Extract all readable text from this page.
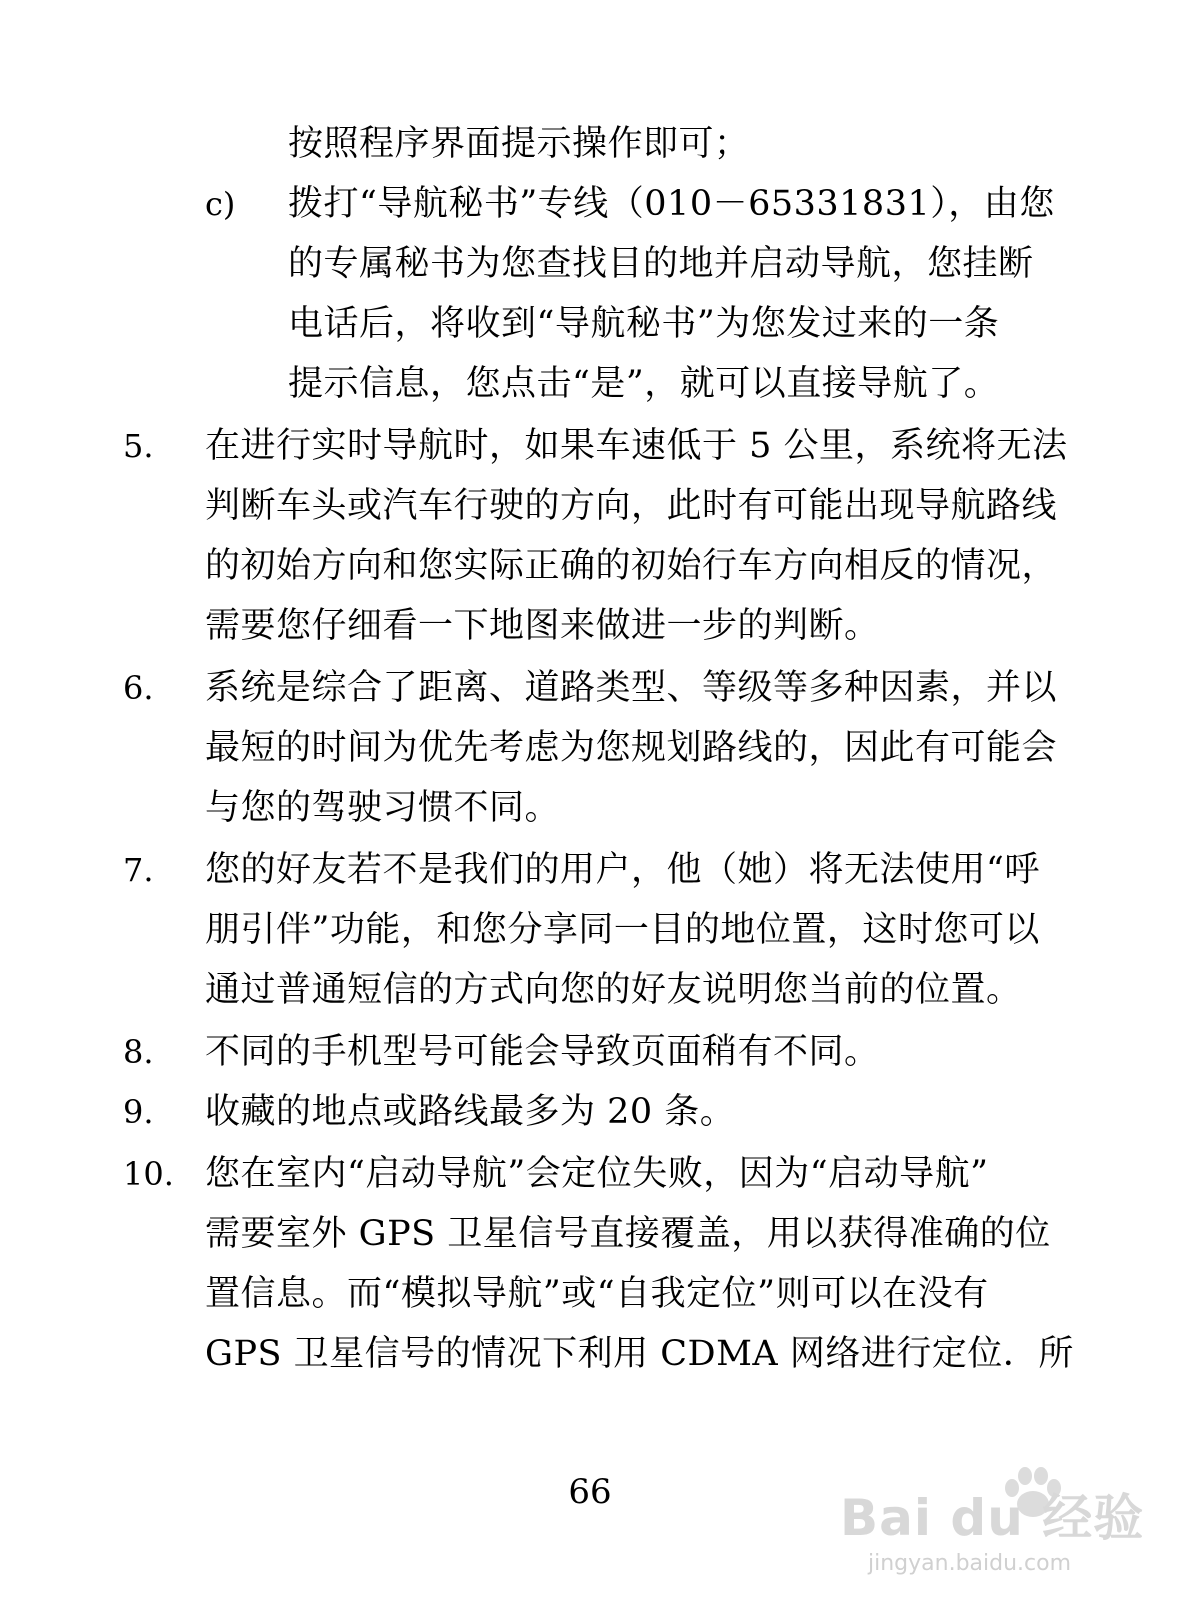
按照程序界面提示操作即可；
c) 拨打“导航秘书”专线（010－65331831），由您
的专属秘书为您查找目的地并启动导航，您挂断
电话后，将收到“导航秘书”为您发过来的一条
提示信息，您点击“是”，就可以直接导航了。
5. 在进行实时导航时，如果车速低于 5 公里，系统将无法
判断车头或汽车行驶的方向，此时有可能出现导航路线
的初始方向和您实际正确的初始行车方向相反的情况，
需要您仔细看一下地图来做进一步的判断。
6. 系统是综合了距离、道路类型、等级等多种因素，并以
最短的时间为优先考虑为您规划路线的，因此有可能会
与您的驾驶习惯不同。
7. 您的好友若不是我们的用户，他（她）将无法使用“呼
朋引伴”功能，和您分享同一目的地位置，这时您可以
通过普通短信的方式向您的好友说明您当前的位置。
8. 不同的手机型号可能会导致页面稍有不同。
9. 收藏的地点或路线最多为 20 条。
10. 您在室内“启动导航”会定位失败，因为“启动导航”
需要室外 GPS 卫星信号直接覆盖，用以获得准确的位
置信息。而“模拟导航”或“自我定位”则可以在没有
GPS 卫星信号的情况下利用 CDMA 网络进行定位．所
66	Bai du 经验
jingyan.baidu.com
